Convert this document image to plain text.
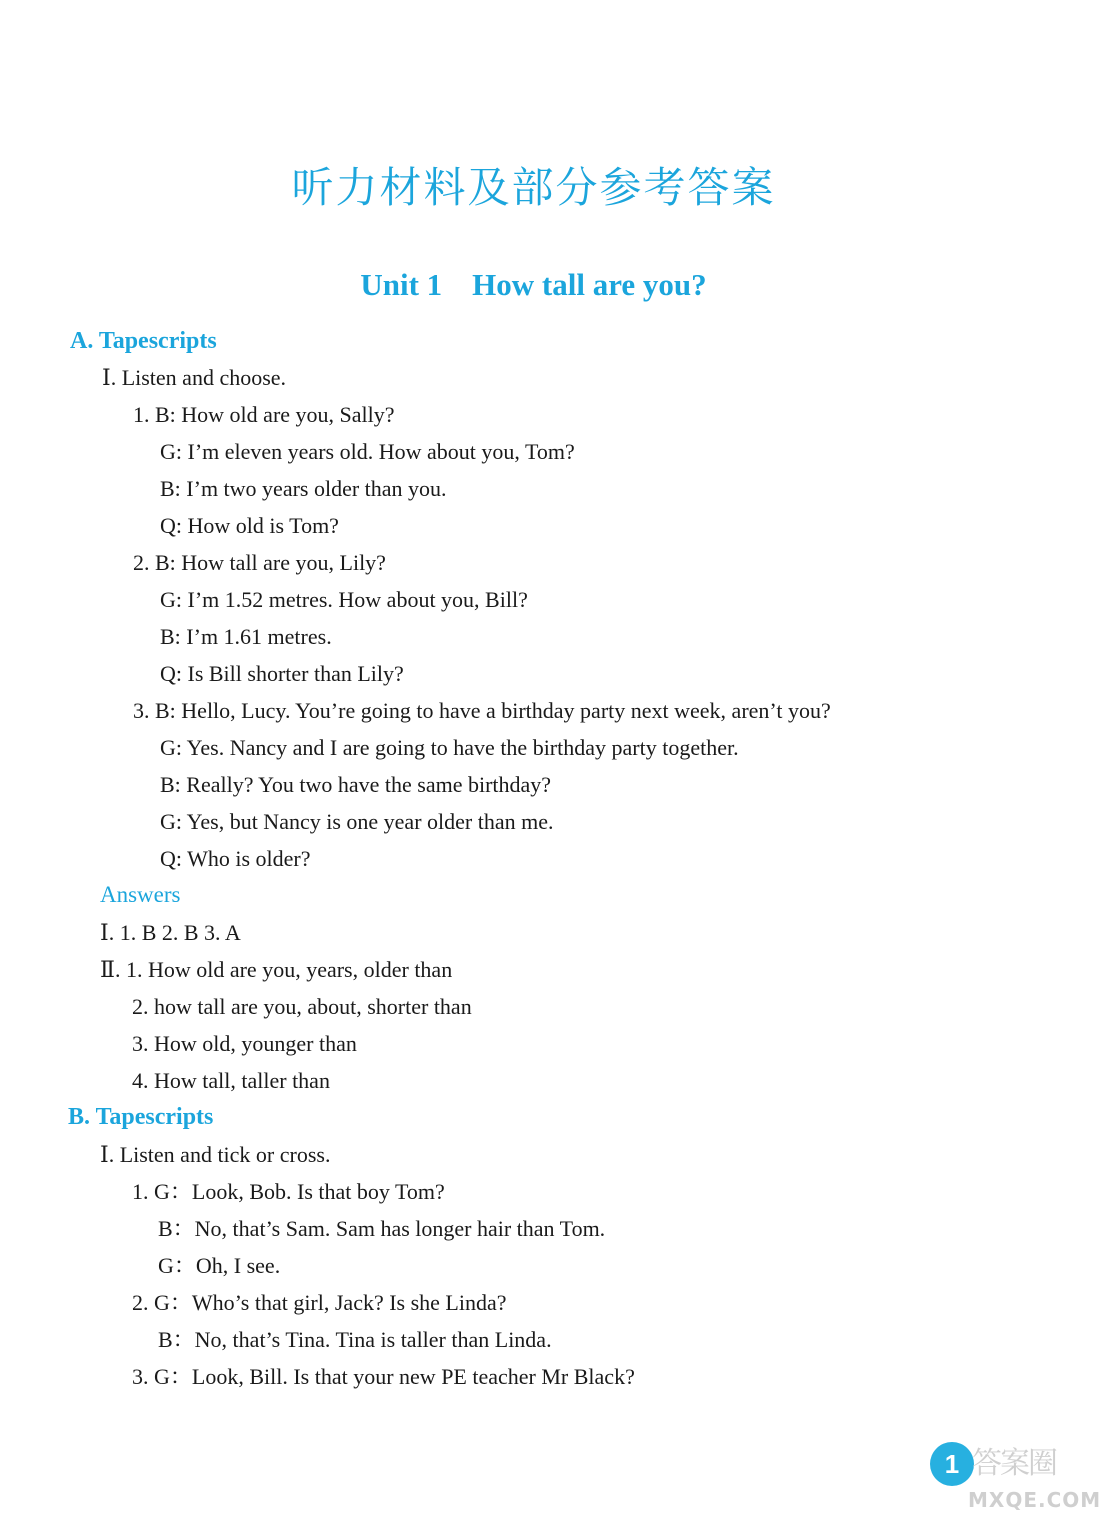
听力材料及部分参考答案
Unit 1 How tall are you?
A. Tapescripts
Ⅰ. Listen and choose.
1. B: How old are you, Sally?
G: I’m eleven years old. How about you, Tom?
B: I’m two years older than you.
Q: How old is Tom?
2. B: How tall are you, Lily?
G: I’m 1.52 metres. How about you, Bill?
B: I’m 1.61 metres.
Q: Is Bill shorter than Lily?
3. B: Hello, Lucy. You’re going to have a birthday party next week, aren’t you?
G: Yes. Nancy and I are going to have the birthday party together.
B: Really? You two have the same birthday?
G: Yes, but Nancy is one year older than me.
Q: Who is older?
Answers
Ⅰ. 1. B 2. B 3. A
Ⅱ. 1. How old are you, years, older than
2. how tall are you, about, shorter than
3. How old, younger than
4. How tall, taller than
B. Tapescripts
Ⅰ. Listen and tick or cross.
1. G：Look, Bob. Is that boy Tom?
B：No, that’s Sam. Sam has longer hair than Tom.
G：Oh, I see.
2. G：Who’s that girl, Jack? Is she Linda?
B：No, that’s Tina. Tina is taller than Linda.
3. G：Look, Bill. Is that your new PE teacher Mr Black?
1 答案圈
MXQE.COM
